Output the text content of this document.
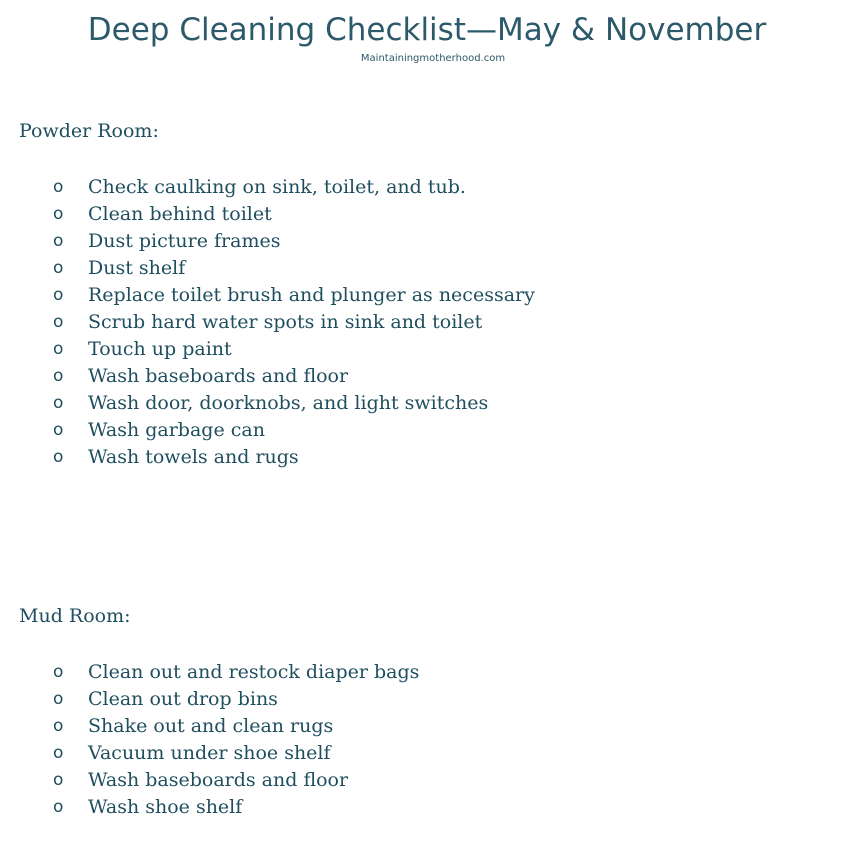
Deep Cleaning Checklist—May & November
Maintainingmotherhood.com
Powder Room:
o Check caulking on sink, toilet, and tub.
o Clean behind toilet
o Dust picture frames
o Dust shelf
o Replace toilet brush and plunger as necessary
o Scrub hard water spots in sink and toilet
o Touch up paint
o Wash baseboards and floor
o Wash door, doorknobs, and light switches
o Wash garbage can
o Wash towels and rugs
Mud Room:
o Clean out and restock diaper bags
o Clean out drop bins
o Shake out and clean rugs
o Vacuum under shoe shelf
o Wash baseboards and floor
o Wash shoe shelf
